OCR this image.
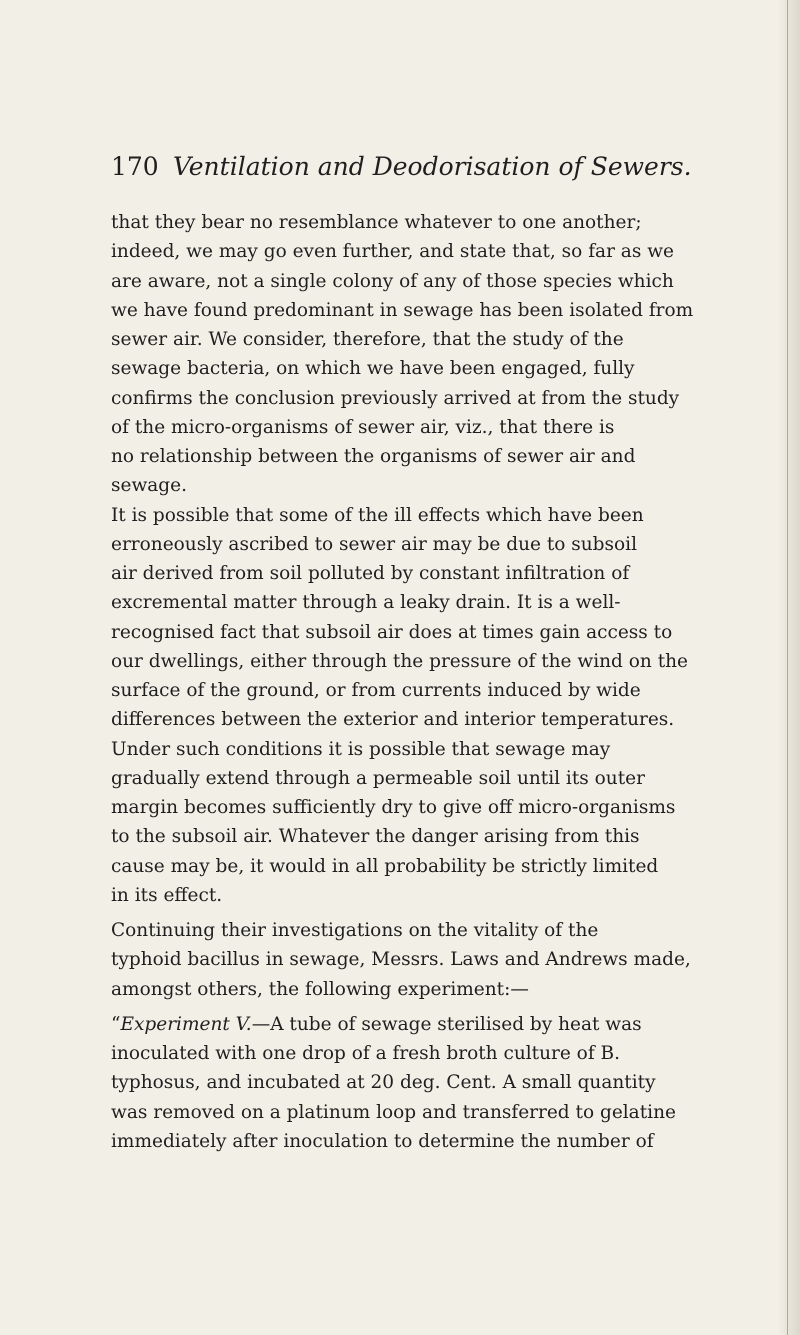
170 Ventilation and Deodorisation of Sewers.
that they bear no resemblance whatever to one another;
indeed, we may go even further, and state that, so far as we
are aware, not a single colony of any of those species which
we have found predominant in sewage has been isolated from
sewer air. We consider, therefore, that the study of the
sewage bacteria, on which we have been engaged, fully
confirms the conclusion previously arrived at from the study
of the micro-organisms of sewer air, viz., that there is
no relationship between the organisms of sewer air and
sewage.
It is possible that some of the ill effects which have been
erroneously ascribed to sewer air may be due to subsoil
air derived from soil polluted by constant infiltration of
excremental matter through a leaky drain. It is a well-
recognised fact that subsoil air does at times gain access to
our dwellings, either through the pressure of the wind on the
surface of the ground, or from currents induced by wide
differences between the exterior and interior temperatures.
Under such conditions it is possible that sewage may
gradually extend through a permeable soil until its outer
margin becomes sufficiently dry to give off micro-organisms
to the subsoil air. Whatever the danger arising from this
cause may be, it would in all probability be strictly limited
in its effect.
Continuing their investigations on the vitality of the
typhoid bacillus in sewage, Messrs. Laws and Andrews made,
amongst others, the following experiment:—
“Experiment V.—A tube of sewage sterilised by heat was
inoculated with one drop of a fresh broth culture of B.
typhosus, and incubated at 20 deg. Cent. A small quantity
was removed on a platinum loop and transferred to gelatine
immediately after inoculation to determine the number of
